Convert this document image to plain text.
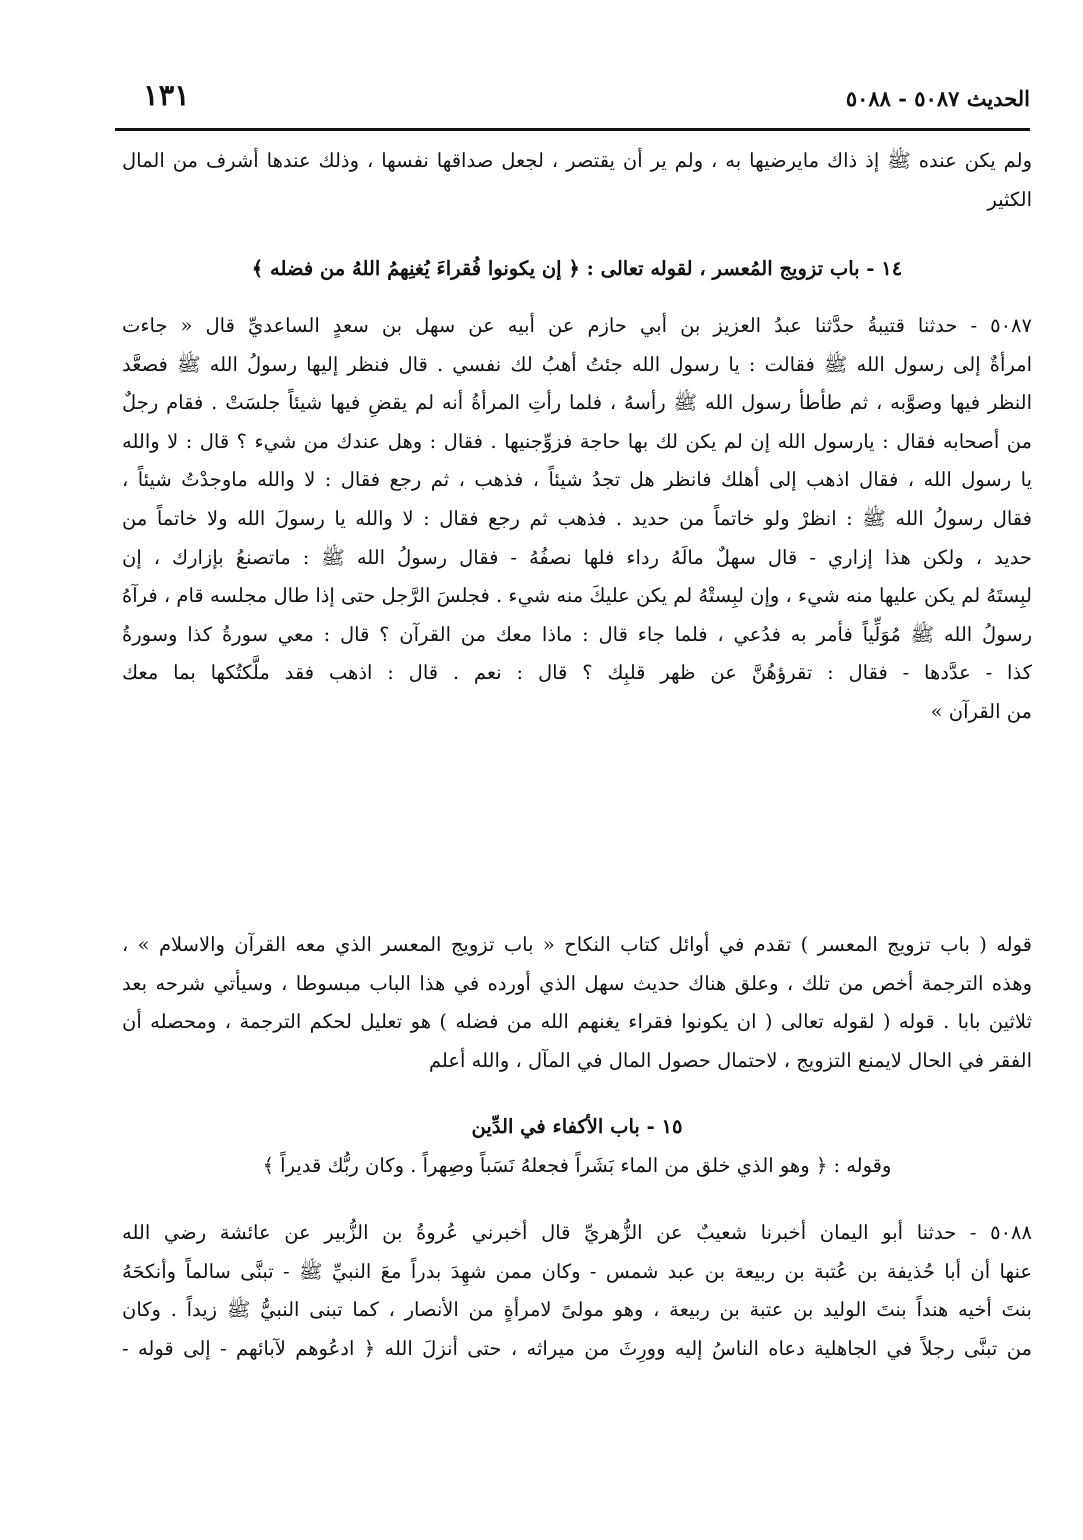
الحديث ٥٠٨٧ - ٥٠٨٨
١٣١
ولم يكن عنده ﷺ إذ ذاك مايرضيها به ، ولم ير أن يقتصر ، لجعل صداقها نفسها ، وذلك عندها أشرف من المال
الكثير
١٤ - باب تزويج المُعسر ، لقوله تعالى : ﴿ إن يكونوا فُقراءَ يُغنِهمُ اللهُ من فضله ﴾
٥٠٨٧ - حدثنا قتيبةُ حدَّثنا عبدُ العزيز بن أبي حازم عن أبيه عن سهل بن سعدٍ الساعديِّ قال « جاءت
امرأةٌ إلى رسول الله ﷺ فقالت : يا رسول الله جئتُ أهبُ لك نفسي . قال فنظر إليها رسولُ الله ﷺ فصعَّد
النظر فيها وصوَّبه ، ثم طأطأ رسول الله ﷺ رأسهُ ، فلما رأتِ المرأةُ أنه لم يقضِ فيها شيئاً جلسَتْ . فقام رجلٌ
من أصحابه فقال : يارسول الله إن لم يكن لك بها حاجة فزوِّجنيها . فقال : وهل عندك من شيء ؟ قال : لا والله
يا رسول الله ، فقال اذهب إلى أهلك فانظر هل تجدُ شيئاً ، فذهب ، ثم رجع فقال : لا والله ماوجدْتُ شيئاً ،
فقال رسولُ الله ﷺ : انظرْ ولو خاتماً من حديد . فذهب ثم رجع فقال : لا والله يا رسولَ الله ولا خاتماً من
حديد ، ولكن هذا إزاري - قال سهلٌ مالَهُ رداء فلها نصفُهُ - فقال رسولُ الله ﷺ : ماتصنعُ بإزارك ، إن
لبِستَهُ لم يكن عليها منه شيء ، وإن لبِستْهُ لم يكن عليكَ منه شيء . فجلسَ الرَّجل حتى إذا طال مجلسه قام ، فرآهُ
رسولُ الله ﷺ مُوَلِّياً فأمر به فدُعي ، فلما جاء قال : ماذا معك من القرآن ؟ قال : معي سورةُ كذا وسورةُ
كذا - عدَّدها - فقال : تقرؤهُنَّ عن ظهر قلبِك ؟ قال : نعم . قال : اذهب فقد ملَّكتُكها بما معك
من القرآن »
قوله ( باب تزويج المعسر ) تقدم في أوائل كتاب النكاح « باب تزويج المعسر الذي معه القرآن والاسلام » ،
وهذه الترجمة أخص من تلك ، وعلق هناك حديث سهل الذي أورده في هذا الباب مبسوطا ، وسيأتي شرحه بعد
ثلاثين بابا . قوله ( لقوله تعالى ( ان يكونوا فقراء يغنهم الله من فضله ) هو تعليل لحكم الترجمة ، ومحصله أن
الفقر في الحال لايمنع التزويج ، لاحتمال حصول المال في المآل ، والله أعلم
١٥ - باب الأكفاء في الدِّين
وقوله : ﴿ وهو الذي خلق من الماء بَشَراً فجعلهُ نَسَباً وصِهراً . وكان ربُّك قديراً ﴾
٥٠٨٨ - حدثنا أبو اليمان أخبرنا شعيبٌ عن الزُّهريِّ قال أخبرني عُروةُ بن الزُّبير عن عائشة رضي الله
عنها أن أبا حُذيفة بن عُتبة بن ربيعة بن عبد شمس - وكان ممن شهِدَ بدراً معَ النبيِّ ﷺ - تبنَّى سالماً وأنكحَهُ
بنتَ أخيه هنداً بنتَ الوليد بن عتبة بن ربيعة ، وهو مولىً لامرأةٍ من الأنصار ، كما تبنى النبيُّ ﷺ زيداً . وكان
من تبنَّى رجلاً في الجاهلية دعاه الناسُ إليه وورِثَ من ميراثه ، حتى أنزلَ الله ﴿ ادعُوهم لآبائهم - إلى قوله -
